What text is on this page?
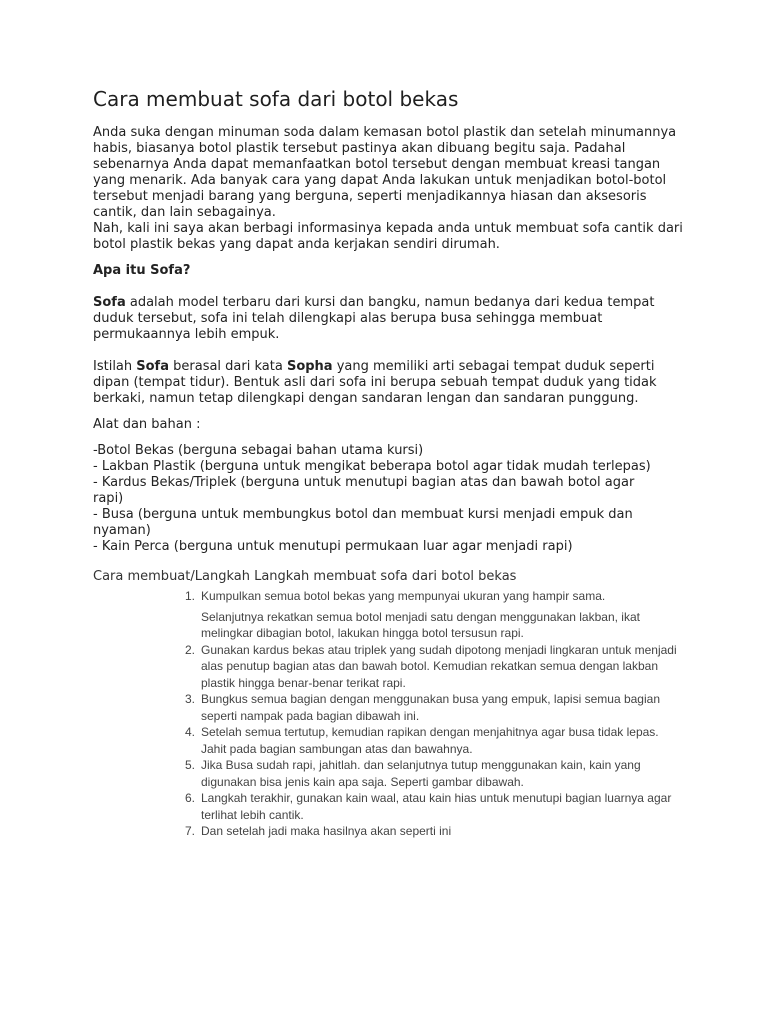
Cara membuat sofa dari botol bekas

Anda suka dengan minuman soda dalam kemasan botol plastik dan setelah minumannya habis, biasanya botol plastik tersebut pastinya akan dibuang begitu saja. Padahal sebenarnya Anda dapat memanfaatkan botol tersebut dengan membuat kreasi tangan yang menarik. Ada banyak cara yang dapat Anda lakukan untuk menjadikan botol-botol tersebut menjadi barang yang berguna, seperti menjadikannya hiasan dan aksesoris cantik, dan lain sebagainya.

Nah, kali ini saya akan berbagi informasinya kepada anda untuk membuat sofa cantik dari botol plastik bekas yang dapat anda kerjakan sendiri dirumah.

Apa itu Sofa?

Sofa adalah model terbaru dari kursi dan bangku, namun bedanya dari kedua tempat duduk tersebut, sofa ini telah dilengkapi alas berupa busa sehingga membuat permukaannya lebih empuk.

Istilah Sofa berasal dari kata Sopha yang memiliki arti sebagai tempat duduk seperti dipan (tempat tidur). Bentuk asli dari sofa ini berupa sebuah tempat duduk yang tidak berkaki, namun tetap dilengkapi dengan sandaran lengan dan sandaran punggung.

Alat dan bahan :

-Botol Bekas (berguna sebagai bahan utama kursi)

- Lakban Plastik (berguna untuk mengikat beberapa botol agar tidak mudah terlepas)

- Kardus Bekas/Triplek (berguna untuk menutupi bagian atas dan bawah botol agar

rapi)

- Busa (berguna untuk membungkus botol dan membuat kursi menjadi empuk dan

nyaman)

- Kain Perca (berguna untuk menutupi permukaan luar agar menjadi rapi)

Cara membuat/Langkah Langkah membuat sofa dari botol bekas

1 . Kumpulkan semua botol bekas yang mempunyai ukuran yang hampir sama.
Selanjutnya rekatkan semua botol menjadi satu dengan menggunakan lakban, ikat melingkar dibagian botol, lakukan hingga botol tersusun rapi.
2 . Gunakan kardus bekas atau triplek yang sudah dipotong menjadi lingkaran untuk menjadi alas penutup bagian atas dan bawah botol. Kemudian rekatkan semua dengan lakban plastik hingga benar-benar terikat rapi.
3 . Bungkus semua bagian dengan menggunakan busa yang empuk, lapisi semua bagian seperti nampak pada bagian dibawah ini.
4 . Setelah semua tertutup, kemudian rapikan dengan menjahitnya agar busa tidak lepas. Jahit pada bagian sambungan atas dan bawahnya.
5 . Jika Busa sudah rapi, jahitlah. dan selanjutnya tutup menggunakan kain, kain yang digunakan bisa jenis kain apa saja. Seperti gambar dibawah.
6 . Langkah terakhir, gunakan kain waal, atau kain hias untuk menutupi bagian luarnya agar terlihat lebih cantik.
7 . Dan setelah jadi maka hasilnya akan seperti ini
